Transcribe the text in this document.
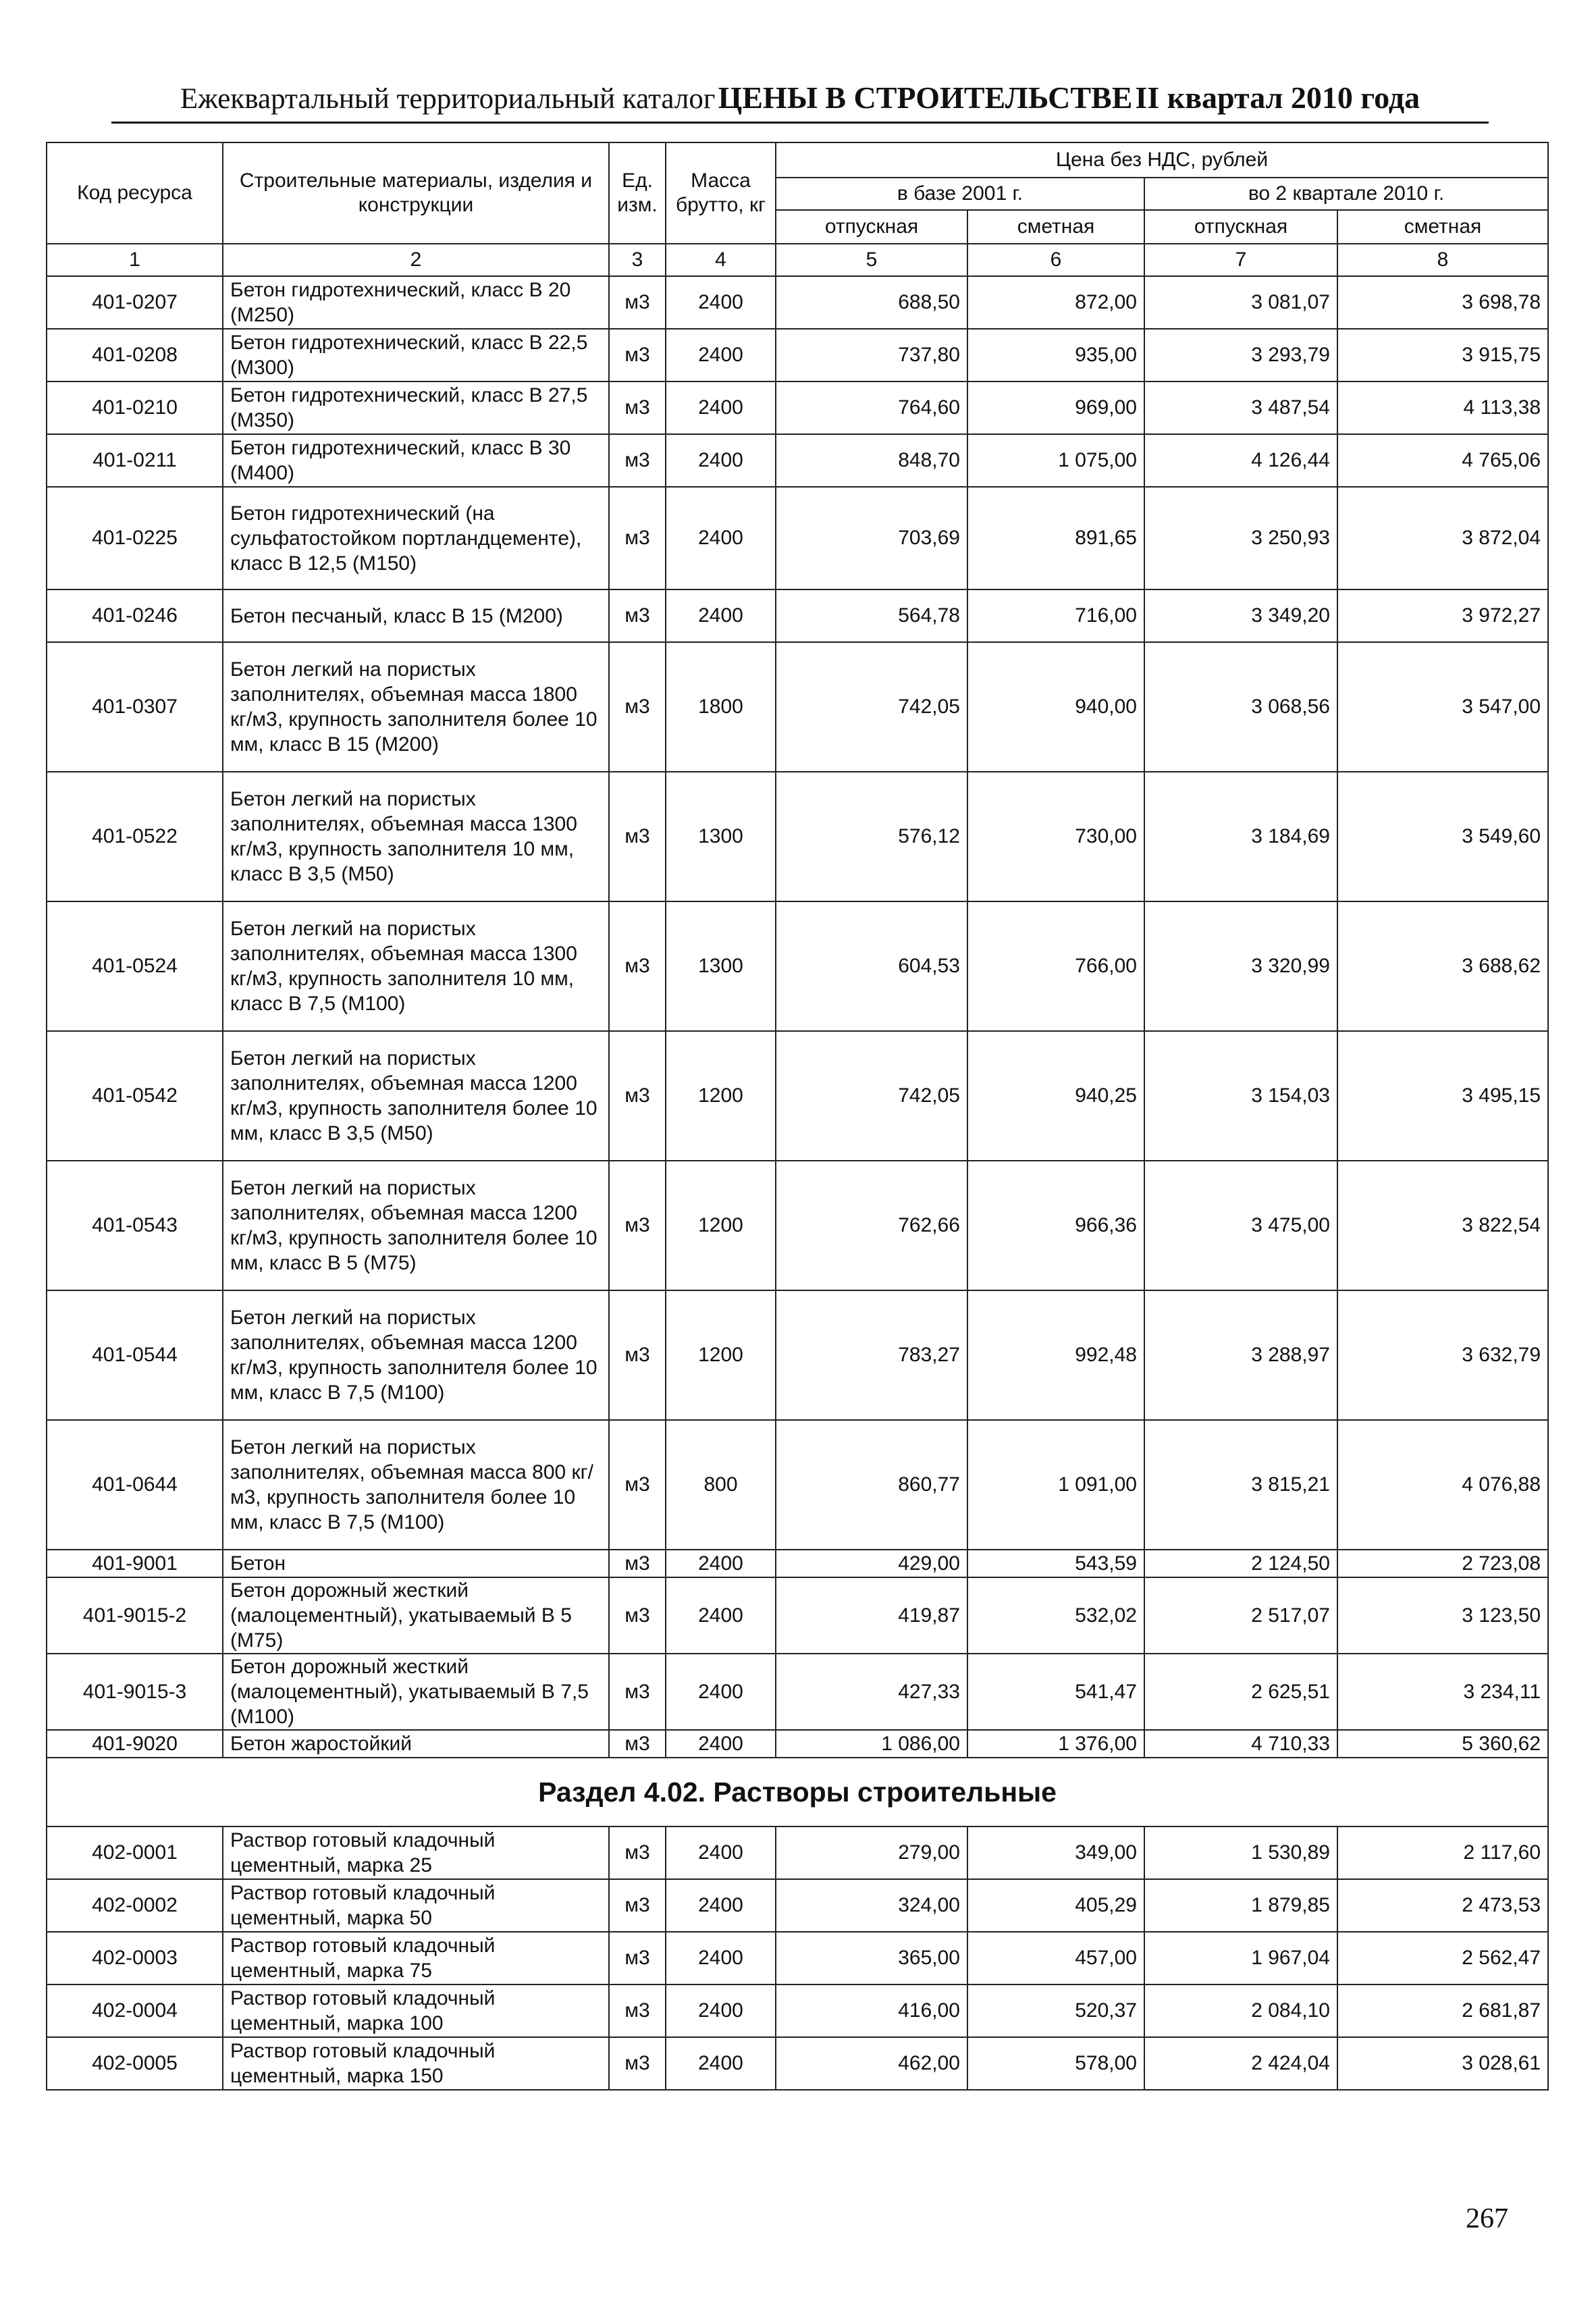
Ежеквартальный территориальный каталог ЦЕНЫ В СТРОИТЕЛЬСТВЕ II квартал 2010 года
Код ресурса	Строительные материалы, изделия и конструкции	Ед. изм.	Масса брутто, кг	Цена без НДС, рублей			
				в базе 2001 г.		во 2 квартале 2010 г.	
				отпускная	сметная	отпускная	сметная
1	2	3	4	5	6	7	8
401-0207	Бетон гидротехнический, класс В 20 (М250)	м3	2400	688,50	872,00	3 081,07	3 698,78
401-0208	Бетон гидротехнический, класс В 22,5 (М300)	м3	2400	737,80	935,00	3 293,79	3 915,75
401-0210	Бетон гидротехнический, класс В 27,5 (М350)	м3	2400	764,60	969,00	3 487,54	4 113,38
401-0211	Бетон гидротехнический, класс В 30 (М400)	м3	2400	848,70	1 075,00	4 126,44	4 765,06
401-0225	Бетон гидротехнический (на сульфатостойком портландцементе), класс В 12,5 (М150)	м3	2400	703,69	891,65	3 250,93	3 872,04
401-0246	Бетон песчаный, класс В 15 (М200)	м3	2400	564,78	716,00	3 349,20	3 972,27
401-0307	Бетон легкий на пористых заполнителях, объемная масса 1800 кг/м3, крупность заполнителя более 10 мм, класс В 15 (М200)	м3	1800	742,05	940,00	3 068,56	3 547,00
401-0522	Бетон легкий на пористых заполнителях, объемная масса 1300 кг/м3, крупность заполнителя 10 мм, класс В 3,5 (М50)	м3	1300	576,12	730,00	3 184,69	3 549,60
401-0524	Бетон легкий на пористых заполнителях, объемная масса 1300 кг/м3, крупность заполнителя 10 мм, класс В 7,5 (М100)	м3	1300	604,53	766,00	3 320,99	3 688,62
401-0542	Бетон легкий на пористых заполнителях, объемная масса 1200 кг/м3, крупность заполнителя более 10 мм, класс В 3,5 (М50)	м3	1200	742,05	940,25	3 154,03	3 495,15
401-0543	Бетон легкий на пористых заполнителях, объемная масса 1200 кг/м3, крупность заполнителя более 10 мм, класс В 5 (М75)	м3	1200	762,66	966,36	3 475,00	3 822,54
401-0544	Бетон легкий на пористых заполнителях, объемная масса 1200 кг/м3, крупность заполнителя более 10 мм, класс В 7,5 (М100)	м3	1200	783,27	992,48	3 288,97	3 632,79
401-0644	Бетон легкий на пористых заполнителях, объемная масса 800 кг/м3, крупность заполнителя более 10 мм, класс В 7,5 (М100)	м3	800	860,77	1 091,00	3 815,21	4 076,88
401-9001	Бетон	м3	2400	429,00	543,59	2 124,50	2 723,08
401-9015-2	Бетон дорожный жесткий (малоцементный), укатываемый В 5 (М75)	м3	2400	419,87	532,02	2 517,07	3 123,50
401-9015-3	Бетон дорожный жесткий (малоцементный), укатываемый В 7,5 (М100)	м3	2400	427,33	541,47	2 625,51	3 234,11
401-9020	Бетон жаростойкий	м3	2400	1 086,00	1 376,00	4 710,33	5 360,62
Раздел 4.02. Растворы строительные							
402-0001	Раствор готовый кладочный цементный, марка 25	м3	2400	279,00	349,00	1 530,89	2 117,60
402-0002	Раствор готовый кладочный цементный, марка 50	м3	2400	324,00	405,29	1 879,85	2 473,53
402-0003	Раствор готовый кладочный цементный, марка 75	м3	2400	365,00	457,00	1 967,04	2 562,47
402-0004	Раствор готовый кладочный цементный, марка 100	м3	2400	416,00	520,37	2 084,10	2 681,87
402-0005	Раствор готовый кладочный цементный, марка 150	м3	2400	462,00	578,00	2 424,04	3 028,61
267
